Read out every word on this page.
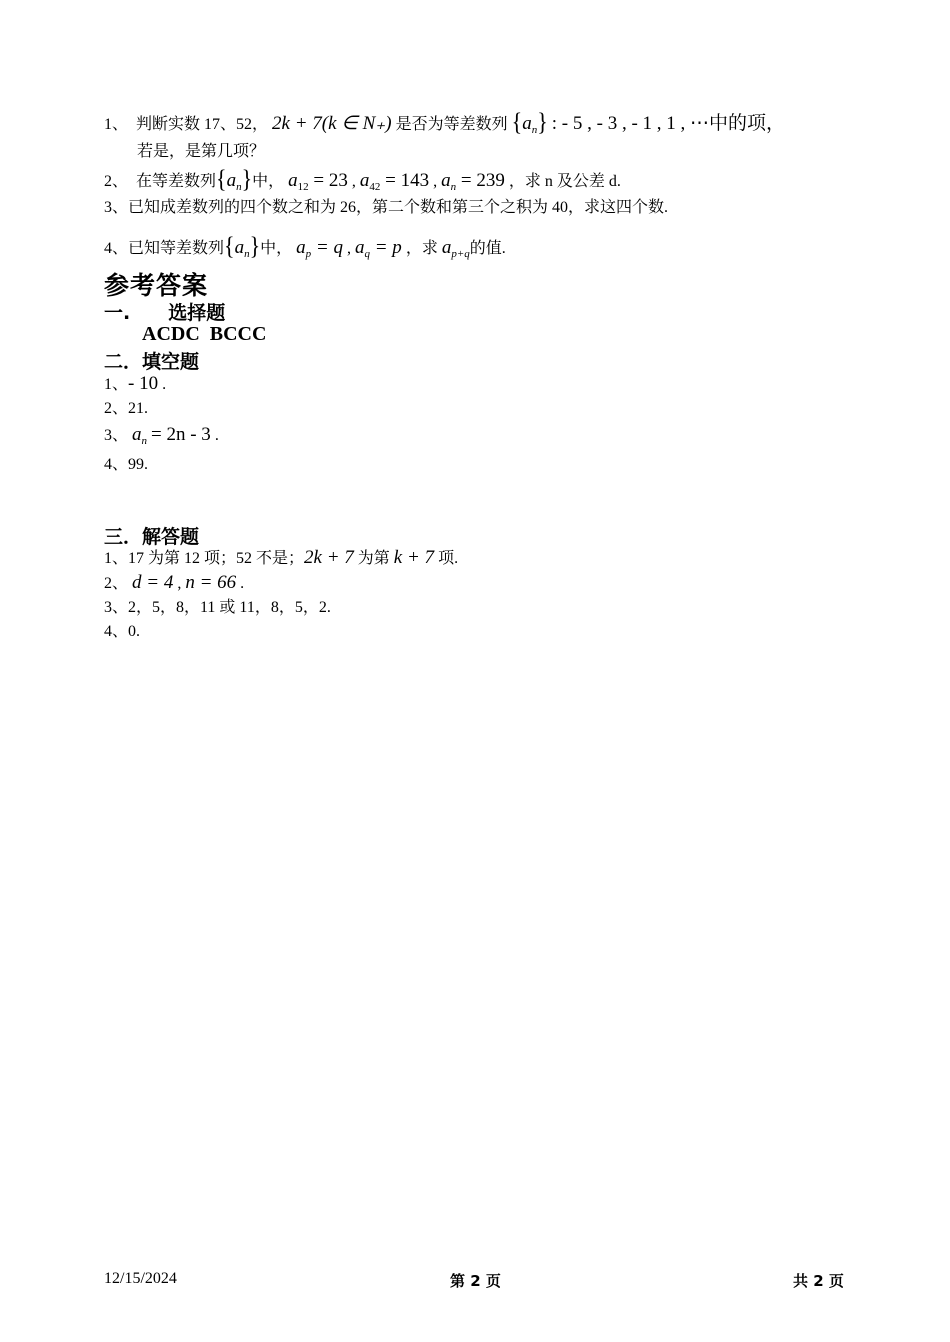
1、 判断实数 17、52， 2k + 7(k ∈ N₊) 是否为等差数列 $\{a_n\}$ : - 5 , - 3 , - 1 , 1 , ⋯中的项，
若是，是第几项？
2、 在等差数列$\{a_n\}$中， $a_{12} = 23$ , $a_{42} = 143$ , $a_n = 239$ ，求 n 及公差 d.
3、已知成差数列的四个数之和为 26，第二个数和第三个之积为 40，求这四个数.
4、已知等差数列$\{a_n\}$中， $a_p = q$ , $a_q = p$ ，求 $a_{p+q}$的值.
参考答案
一.　　选择题
ACDC  BCCC
二．填空题
1、- 10 .
2、21.
3、 $a_n = 2n - 3$ .
4、99.
三．解答题
1、17 为第 12 项；52 不是；2k + 7 为第 k + 7 项.
2、 d = 4 , n = 66 .
3、2，5，8，11 或 11，8，5，2.
4、0.
12/15/2024	第 2 页	共 2 页
